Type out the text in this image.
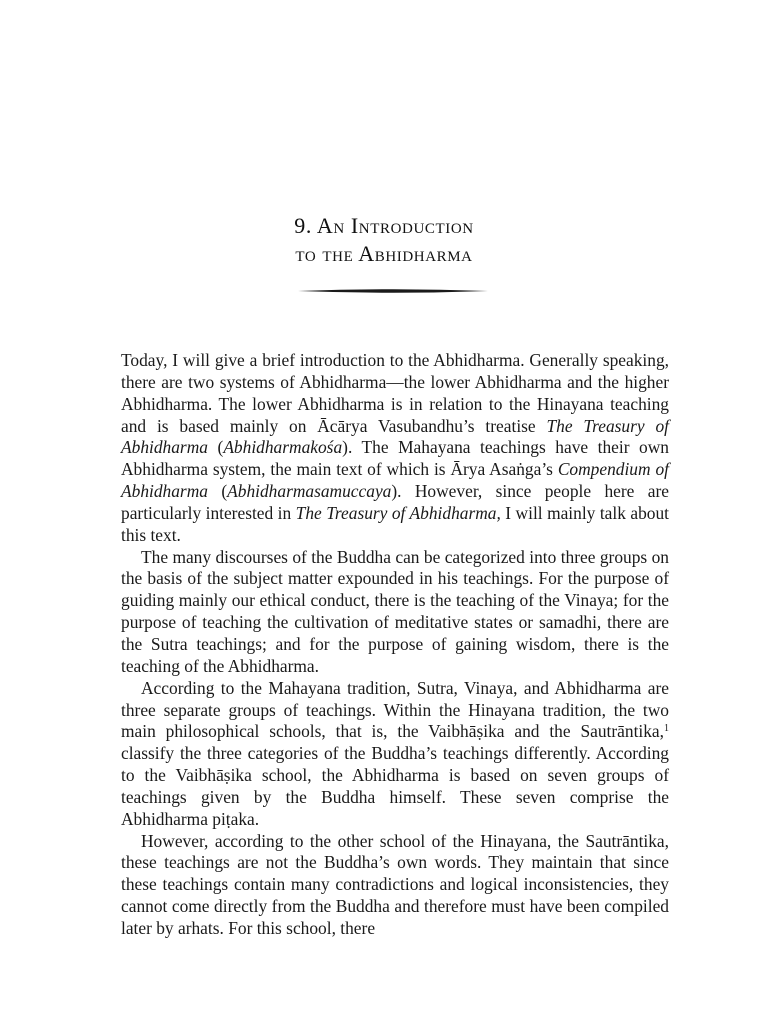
9. An Introduction
to the Abhidharma

Today, I will give a brief introduction to the Abhidharma. Generally speaking, there are two systems of Abhidharma—the lower Abhidharma and the higher Abhidharma. The lower Abhidharma is in relation to the Hinayana teaching and is based mainly on Ācārya Vasubandhu’s treatise The Treasury of Abhidharma (Abhidharmakośa). The Mahayana teachings have their own Abhidharma system, the main text of which is Ārya Asaṅga’s Compendium of Abhidharma (Abhidharmasamuccaya). However, since people here are particularly interested in The Treasury of Abhidharma, I will mainly talk about this text.

The many discourses of the Buddha can be categorized into three groups on the basis of the subject matter expounded in his teachings. For the purpose of guiding mainly our ethical conduct, there is the teaching of the Vinaya; for the purpose of teaching the cultivation of meditative states or samadhi, there are the Sutra teachings; and for the purpose of gaining wisdom, there is the teaching of the Abhidharma.

According to the Mahayana tradition, Sutra, Vinaya, and Abhidharma are three separate groups of teachings. Within the Hinayana tradition, the two main philosophical schools, that is, the Vaibhāṣika and the Sautrāntika,$^1$ classify the three categories of the Buddha’s teachings differently. According to the Vaibhāṣika school, the Abhidharma is based on seven groups of teachings given by the Buddha himself. These seven comprise the Abhidharma piṭaka.

However, according to the other school of the Hinayana, the Sautrāntika, these teachings are not the Buddha’s own words. They maintain that since these teachings contain many contradictions and logical inconsistencies, they cannot come directly from the Buddha and therefore must have been compiled later by arhats. For this school, there
